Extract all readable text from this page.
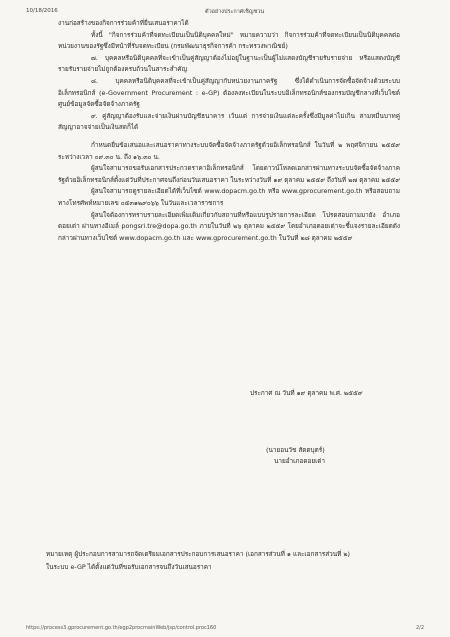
10/18/2016	ตัวอย่างประกาศเชิญชวน

งานก่อสร้างของกิจการร่วมค้าที่ยื่นเสนอราคาได้

ทั้งนี้ "กิจการร่วมค้าที่จดทะเบียนเป็นนิติบุคคลใหม่" หมายความว่า กิจการร่วมค้าที่จดทะเบียนเป็นนิติบุคคลต่อหน่วยงานของรัฐซึ่งมีหน้าที่รับจดทะเบียน (กรมพัฒนาธุรกิจการค้า กระทรวงพาณิชย์)

๗. บุคคลหรือนิติบุคคลที่จะเข้าเป็นคู่สัญญาต้องไม่อยู่ในฐานะเป็นผู้ไม่แสดงบัญชีรายรับรายจ่าย หรือแสดงบัญชีรายรับรายจ่ายไม่ถูกต้องครบถ้วนในสาระสำคัญ

๘. บุคคลหรือนิติบุคคลที่จะเข้าเป็นคู่สัญญากับหน่วยงานภาครัฐ ซึ่งได้ดำเนินการจัดซื้อจัดจ้างด้วยระบบอิเล็กทรอนิกส์ (e-Government Procurement : e-GP) ต้องลงทะเบียนในระบบอิเล็กทรอนิกส์ของกรมบัญชีกลางที่เว็บไซต์ศูนย์ข้อมูลจัดซื้อจัดจ้างภาครัฐ

๙. คู่สัญญาต้องรับและจ่ายเงินผ่านบัญชีธนาคาร เว้นแต่ การจ่ายเงินแต่ละครั้งซึ่งมีมูลค่าไม่เกิน สามหมื่นบาทคู่สัญญาอาจจ่ายเป็นเงินสดก็ได้

กำหนดยื่นข้อเสนอและเสนอราคาทางระบบจัดซื้อจัดจ้างภาครัฐด้วยอิเล็กทรอนิกส์ ในวันที่ ๒ พฤศจิกายน ๒๕๕๙ ระหว่างเวลา ๐๙.๓๐ น. ถึง ๑๖.๓๐ น.

ผู้สนใจสามารถขอรับเอกสารประกวดราคาอิเล็กทรอนิกส์ โดยดาวน์โหลดเอกสารผ่านทางระบบจัดซื้อจัดจ้างภาครัฐด้วยอิเล็กทรอนิกส์ตั้งแต่วันที่ประกาศจนถึงก่อนวันเสนอราคา ในระหว่างวันที่ ๑๙ ตุลาคม ๒๕๕๙ ถึงวันที่ ๒๗ ตุลาคม ๒๕๕๙

ผู้สนใจสามารถดูรายละเอียดได้ที่เว็บไซต์ www.dopacm.go.th หรือ www.gprocurement.go.th หรือสอบถามทางโทรศัพท์หมายเลข ๐๕๓๑๒๙๐๖๖ ในวันและเวลาราชการ

ผู้สนใจต้องการทราบรายละเอียดเพิ่มเติมเกี่ยวกับสถานที่หรือแบบรูปรายการละเอียด โปรดสอบถามมายัง อำเภอดอยเต่า ผ่านทางอีเมล์ pongsri.tre@dopa.go.th ภายในวันที่ ๒๖ ตุลาคม ๒๕๕๙ โดยอำเภอดอยเต่าจะชี้แจงรายละเอียดดังกล่าวผ่านทางเว็บไซต์ www.dopacm.go.th และ www.gprocurement.go.th ในวันที่ ๒๘ ตุลาคม ๒๕๕๙

ประกาศ ณ วันที่ ๑๙ ตุลาคม พ.ศ. ๒๕๕๙
(นายอนวัช สัตตบุตร์)
นายอำเภอดอยเต่า

หมายเหตุ ผู้ประกอบการสามารถจัดเตรียมเอกสารประกอบการเสนอราคา (เอกสารส่วนที่ ๑ และเอกสารส่วนที่ ๒)

ในระบบ e-GP ได้ตั้งแต่วันที่ขอรับเอกสารจนถึงวันเสนอราคา

https://process3.gprocurement.go.th/egp2procmainWeb/jsp/control.proc160	2/2
